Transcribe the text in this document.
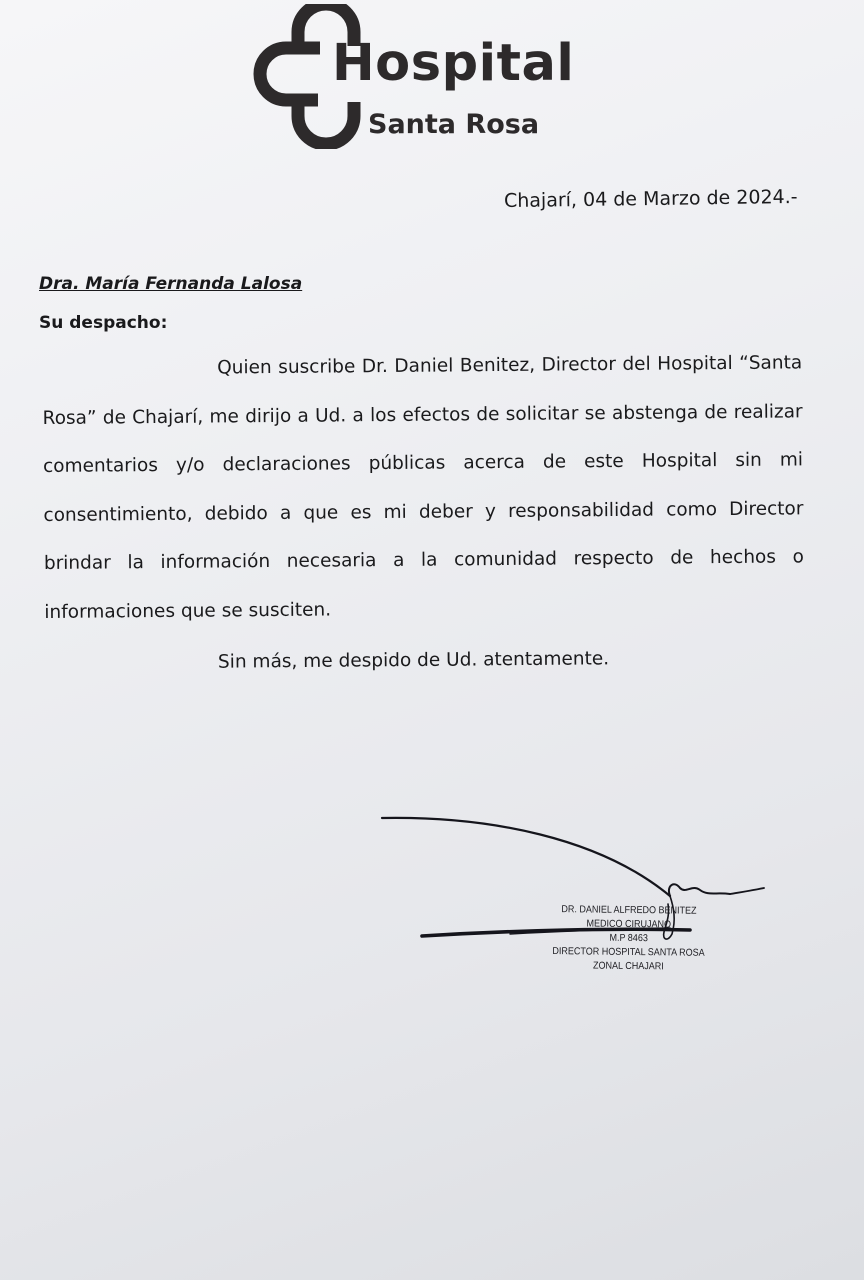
Hospital
Santa Rosa
Chajarí, 04 de Marzo de 2024.-
Dra. María Fernanda Lalosa
Su despacho:

Quien suscribe Dr. Daniel Benitez, Director del Hospital “Santa Rosa” de Chajarí, me dirijo a Ud. a los efectos de solicitar se abstenga de realizar comentarios y/o declaraciones públicas acerca de este Hospital sin mi consentimiento, debido a que es mi deber y responsabilidad como Director brindar la información necesaria a la comunidad respecto de hechos o informaciones que se susciten.

Sin más, me despido de Ud. atentamente.
DR. DANIEL ALFREDO BENITEZ
MEDICO CIRUJANO
M.P 8463
DIRECTOR HOSPITAL SANTA ROSA
ZONAL CHAJARI
